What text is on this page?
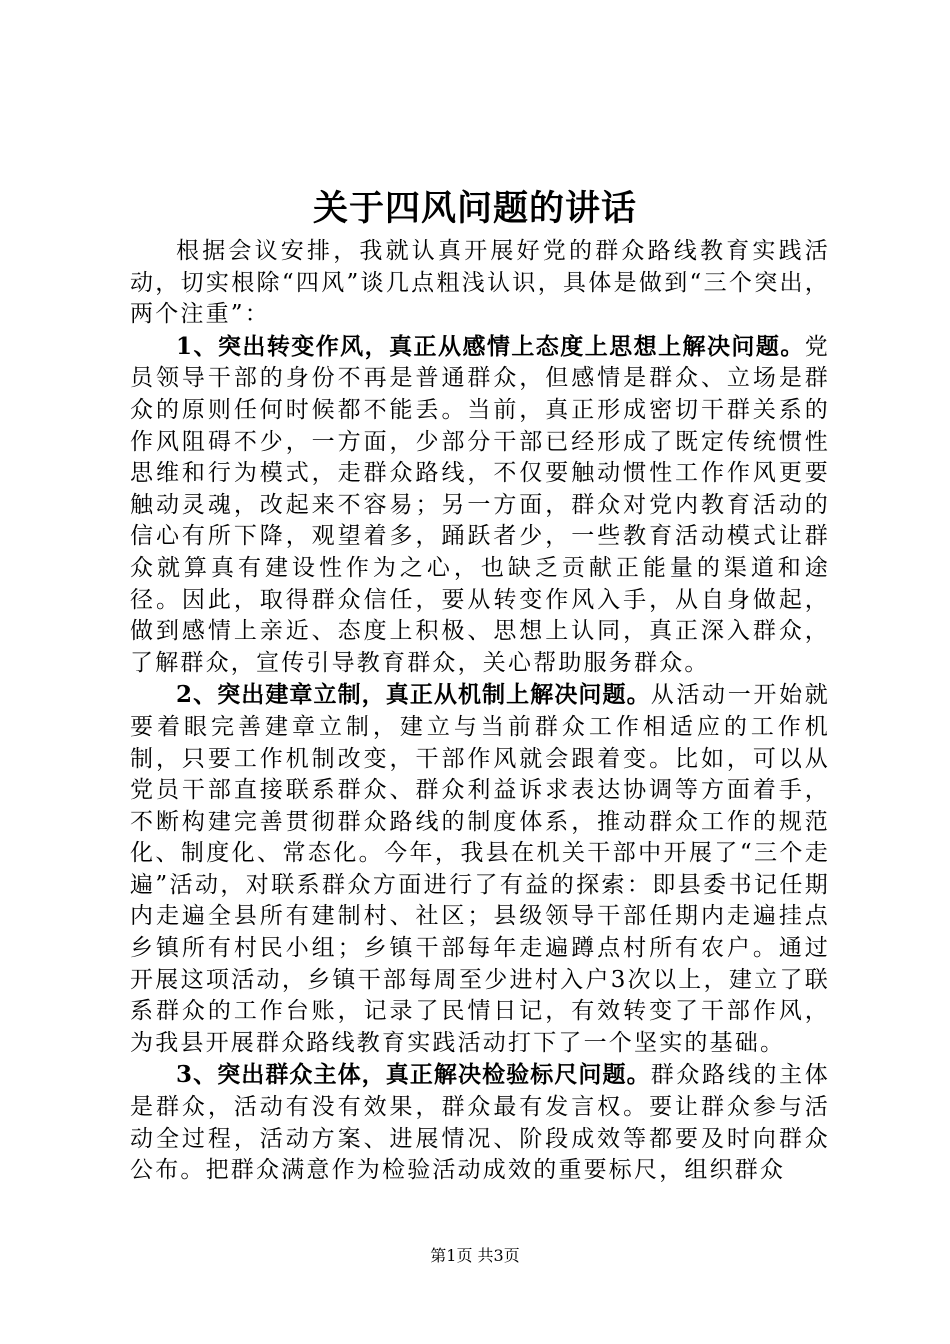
关于四风问题的讲话

根据会议安排，我就认真开展好党的群众路线教育实践活动，切实根除“四风”谈几点粗浅认识，具体是做到“三个突出，两个注重”：

1、突出转变作风，真正从感情上态度上思想上解决问题。党员领导干部的身份不再是普通群众，但感情是群众、立场是群众的原则任何时候都不能丢。当前，真正形成密切干群关系的作风阻碍不少，一方面，少部分干部已经形成了既定传统惯性思维和行为模式，走群众路线，不仅要触动惯性工作作风更要触动灵魂，改起来不容易；另一方面，群众对党内教育活动的信心有所下降，观望着多，踊跃者少，一些教育活动模式让群众就算真有建设性作为之心，也缺乏贡献正能量的渠道和途径。因此，取得群众信任，要从转变作风入手，从自身做起，做到感情上亲近、态度上积极、思想上认同，真正深入群众，了解群众，宣传引导教育群众，关心帮助服务群众。

2、突出建章立制，真正从机制上解决问题。从活动一开始就要着眼完善建章立制，建立与当前群众工作相适应的工作机制，只要工作机制改变，干部作风就会跟着变。比如，可以从党员干部直接联系群众、群众利益诉求表达协调等方面着手，不断构建完善贯彻群众路线的制度体系，推动群众工作的规范化、制度化、常态化。今年，我县在机关干部中开展了“三个走遍”活动，对联系群众方面进行了有益的探索：即县委书记任期内走遍全县所有建制村、社区；县级领导干部任期内走遍挂点乡镇所有村民小组；乡镇干部每年走遍蹲点村所有农户。通过开展这项活动，乡镇干部每周至少进村入户3次以上，建立了联系群众的工作台账，记录了民情日记，有效转变了干部作风，为我县开展群众路线教育实践活动打下了一个坚实的基础。

3、突出群众主体，真正解决检验标尺问题。群众路线的主体是群众，活动有没有效果，群众最有发言权。要让群众参与活动全过程，活动方案、进展情况、阶段成效等都要及时向群众公布。把群众满意作为检验活动成效的重要标尺，组织群众

第1页 共3页
